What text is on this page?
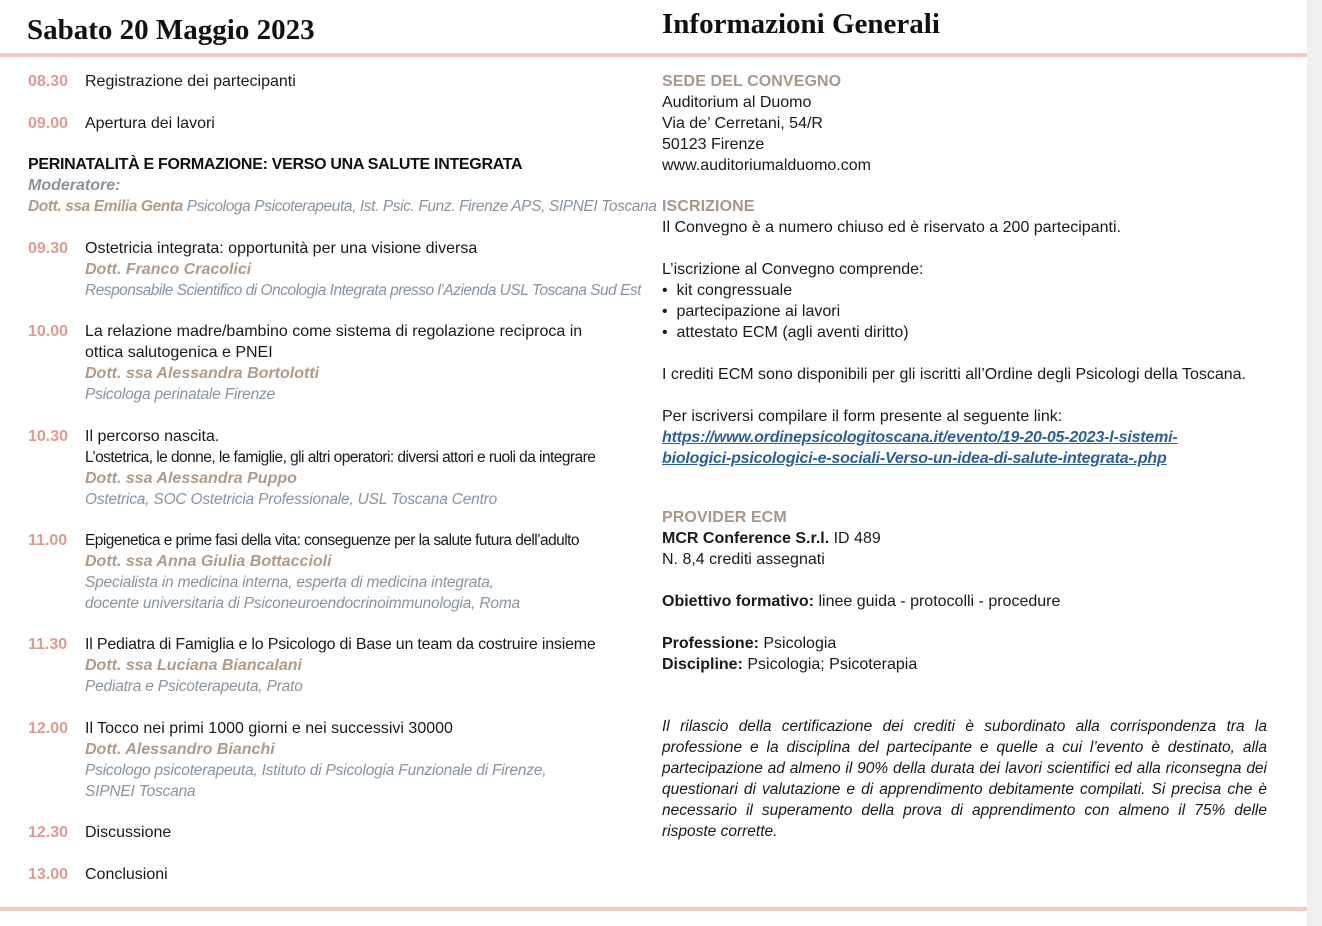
Sabato 20 Maggio 2023	Informazioni Generali
08.30 Registrazione dei partecipanti
09.00 Apertura dei lavori
PERINATALITÀ E FORMAZIONE: VERSO UNA SALUTE INTEGRATA
Moderatore:
Dott. ssa Emilia Genta Psicologa Psicoterapeuta, Ist. Psic. Funz. Firenze APS, SIPNEI Toscana
09.30 Ostetricia integrata: opportunità per una visione diversa
Dott. Franco Cracolici
Responsabile Scientifico di Oncologia Integrata presso l’Azienda USL Toscana Sud Est
10.00 La relazione madre/bambino come sistema di regolazione reciproca in
ottica salutogenica e PNEI
Dott. ssa Alessandra Bortolotti
Psicologa perinatale Firenze
10.30 Il percorso nascita.
L’ostetrica, le donne, le famiglie, gli altri operatori: diversi attori e ruoli da integrare
Dott. ssa Alessandra Puppo
Ostetrica, SOC Ostetricia Professionale, USL Toscana Centro
11.00 Epigenetica e prime fasi della vita: conseguenze per la salute futura dell’adulto
Dott. ssa Anna Giulia Bottaccioli
Specialista in medicina interna, esperta di medicina integrata,
docente universitaria di Psiconeuroendocrinoimmunologia, Roma
11.30 Il Pediatra di Famiglia e lo Psicologo di Base un team da costruire insieme
Dott. ssa Luciana Biancalani
Pediatra e Psicoterapeuta, Prato
12.00 Il Tocco nei primi 1000 giorni e nei successivi 30000
Dott. Alessandro Bianchi
Psicologo psicoterapeuta, Istituto di Psicologia Funzionale di Firenze,
SIPNEI Toscana
12.30 Discussione
13.00 Conclusioni
SEDE DEL CONVEGNO
Auditorium al Duomo
Via de’ Cerretani, 54/R
50123 Firenze
www.auditoriumalduomo.com
ISCRIZIONE
Il Convegno è a numero chiuso ed è riservato a 200 partecipanti.
L’iscrizione al Convegno comprende:
• kit congressuale
• partecipazione ai lavori
• attestato ECM (agli aventi diritto)
I crediti ECM sono disponibili per gli iscritti all’Ordine degli Psicologi della Toscana.
Per iscriversi compilare il form presente al seguente link:
https://www.ordinepsicologitoscana.it/evento/19-20-05-2023-l-sistemi-
biologici-psicologici-e-sociali-Verso-un-idea-di-salute-integrata-.php
PROVIDER ECM
MCR Conference S.r.l. ID 489
N. 8,4 crediti assegnati
Obiettivo formativo: linee guida - protocolli - procedure
Professione: Psicologia
Discipline: Psicologia; Psicoterapia
Il rilascio della certificazione dei crediti è subordinato alla corrispondenza tra la professione e la disciplina del partecipante e quelle a cui l’evento è destinato, alla partecipazione ad almeno il 90% della durata dei lavori scientifici ed alla riconsegna dei questionari di valutazione e di apprendimento debitamente compilati. Si precisa che è necessario il superamento della prova di apprendimento con almeno il 75% delle risposte corrette.
